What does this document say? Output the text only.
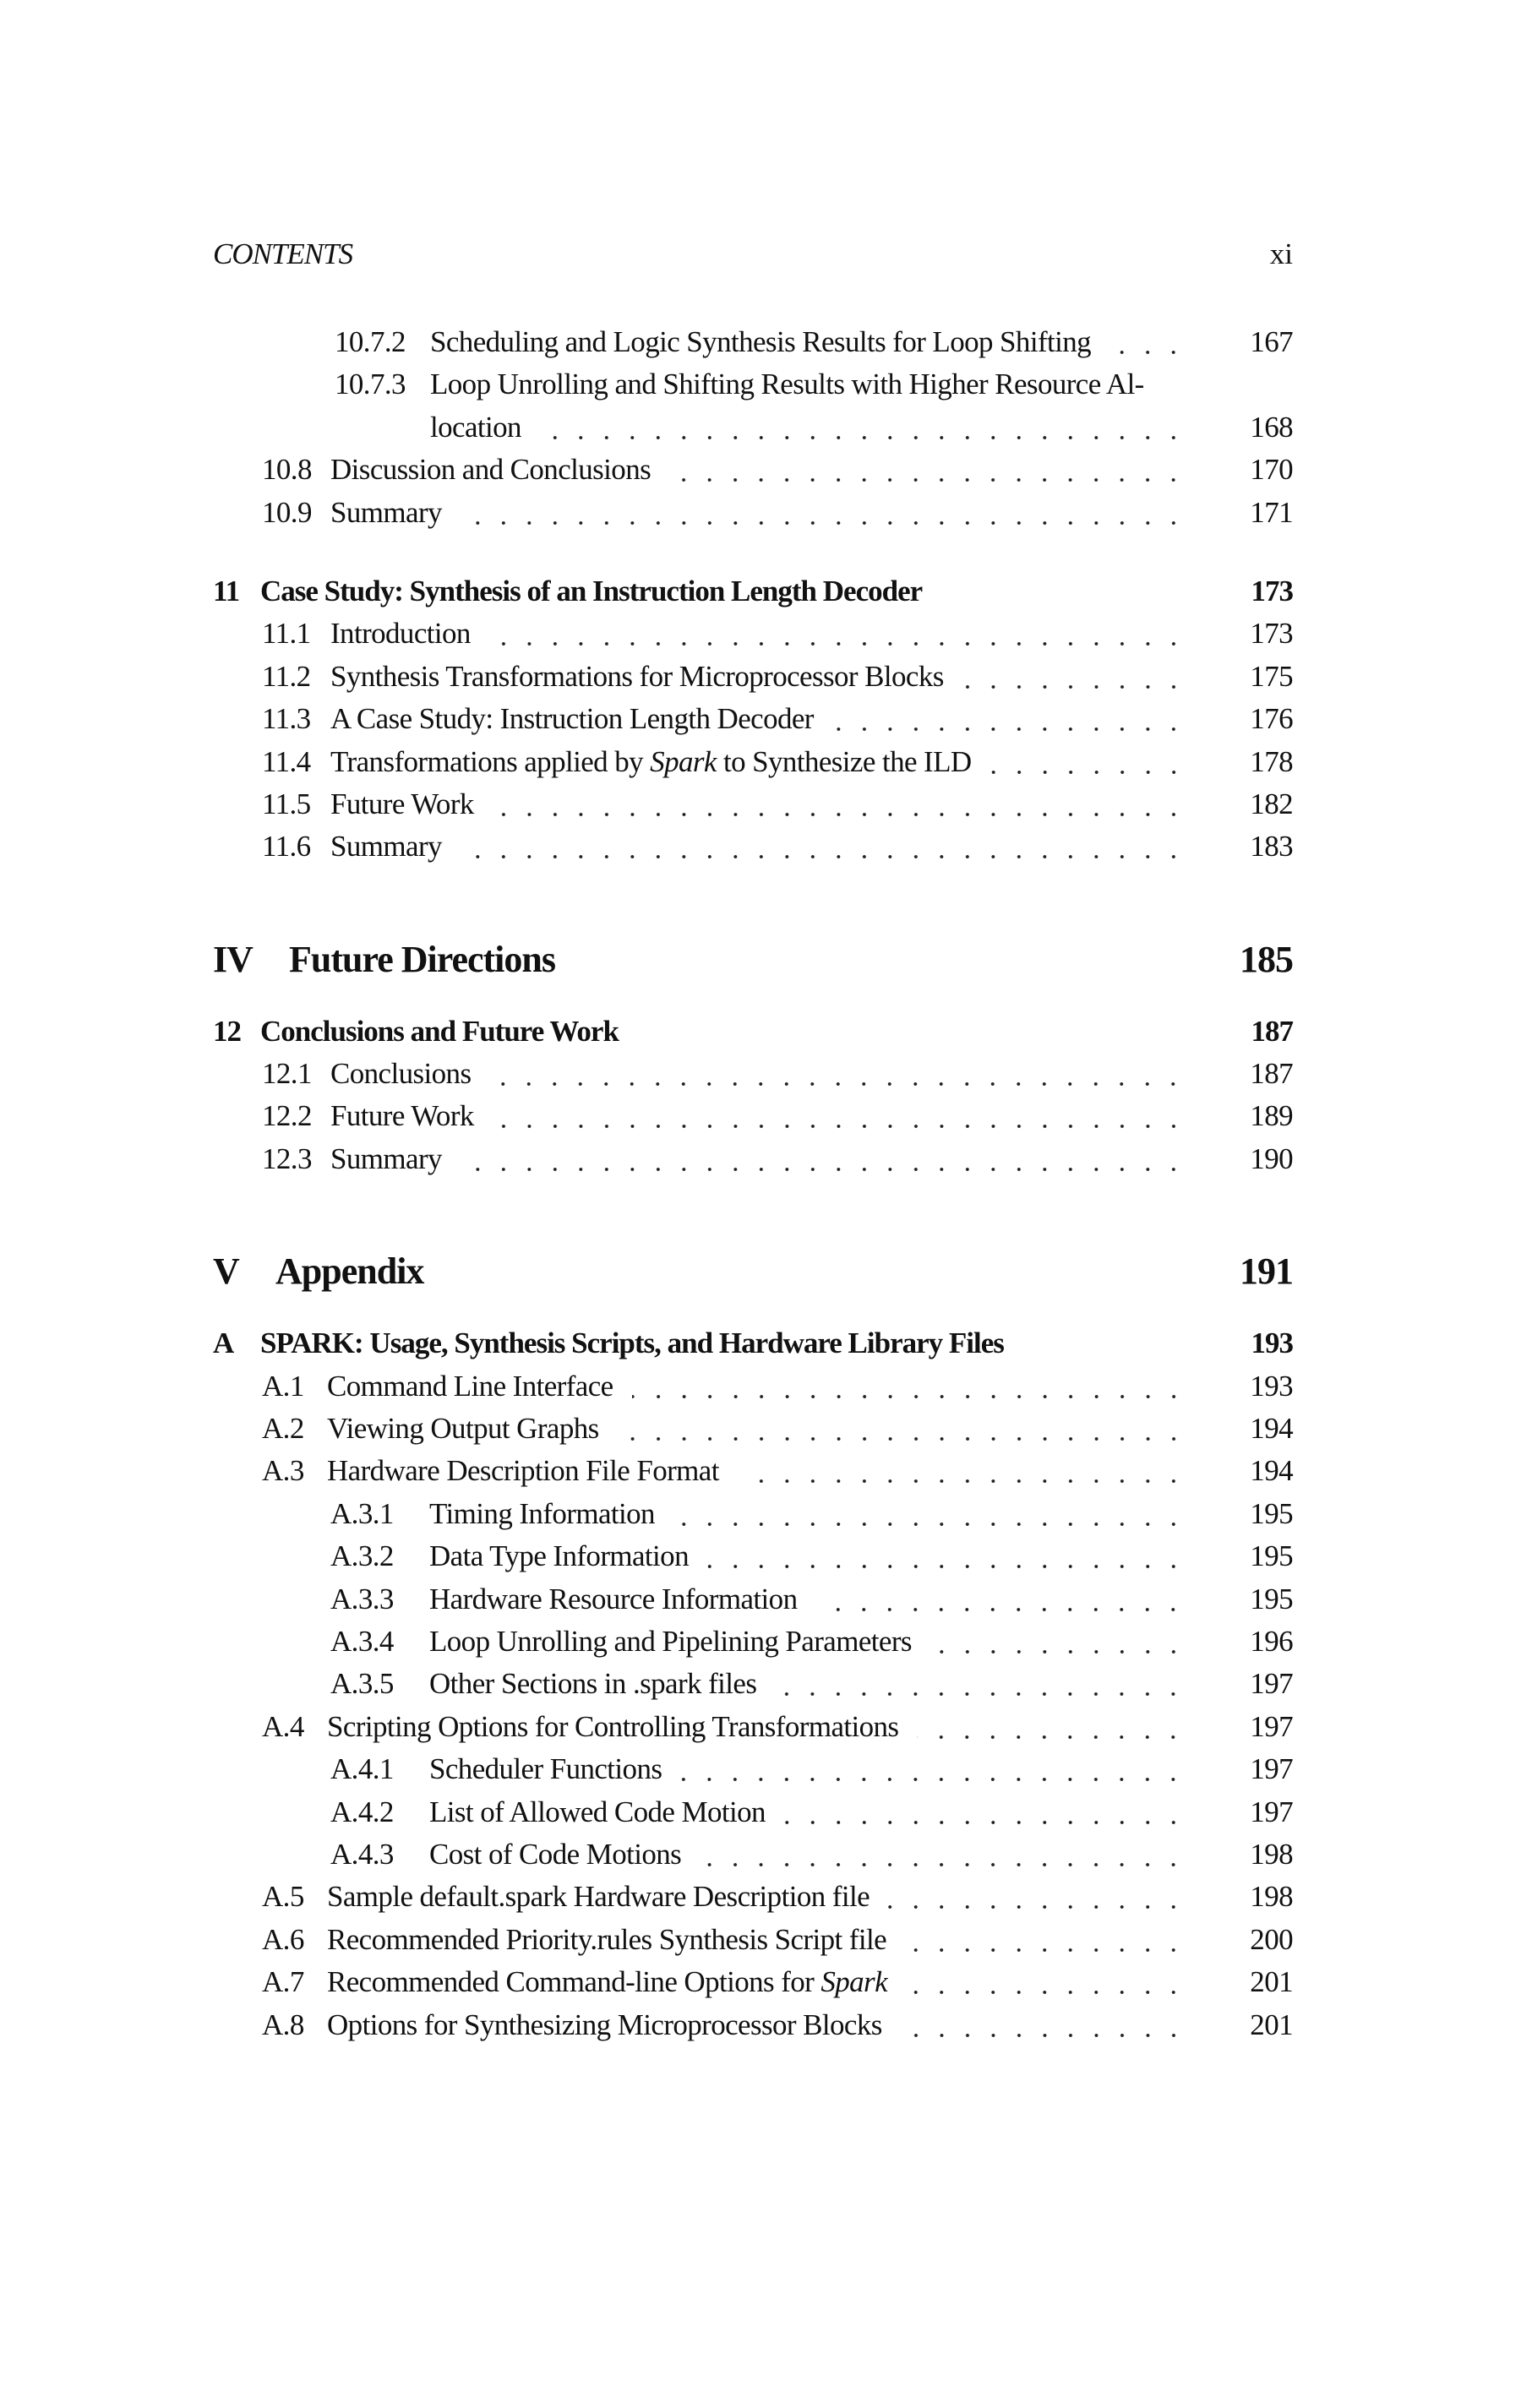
CONTENTS	xi
10.7.2 Scheduling and Logic Synthesis Results for Loop Shifting	167
10.7.3 Loop Unrolling and Shifting Results with Higher Resource Al-
location	168
10.8 Discussion and Conclusions	170
10.9 Summary	171
11 Case Study: Synthesis of an Instruction Length Decoder	173
11.1 Introduction	173
11.2 Synthesis Transformations for Microprocessor Blocks	175
11.3 A Case Study: Instruction Length Decoder	176
11.4 Transformations applied by Spark to Synthesize the ILD	178
11.5 Future Work	182
11.6 Summary	183
IV Future Directions	185
12 Conclusions and Future Work	187
12.1 Conclusions	187
12.2 Future Work	189
12.3 Summary	190
V Appendix	191
A SPARK: Usage, Synthesis Scripts, and Hardware Library Files	193
A.1 Command Line Interface	193
A.2 Viewing Output Graphs	194
A.3 Hardware Description File Format	194
A.3.1 Timing Information	195
A.3.2 Data Type Information	195
A.3.3 Hardware Resource Information	195
A.3.4 Loop Unrolling and Pipelining Parameters	196
A.3.5 Other Sections in .spark files	197
A.4 Scripting Options for Controlling Transformations	197
A.4.1 Scheduler Functions	197
A.4.2 List of Allowed Code Motion	197
A.4.3 Cost of Code Motions	198
A.5 Sample default.spark Hardware Description file	198
A.6 Recommended Priority.rules Synthesis Script file	200
A.7 Recommended Command-line Options for Spark	201
A.8 Options for Synthesizing Microprocessor Blocks	201
